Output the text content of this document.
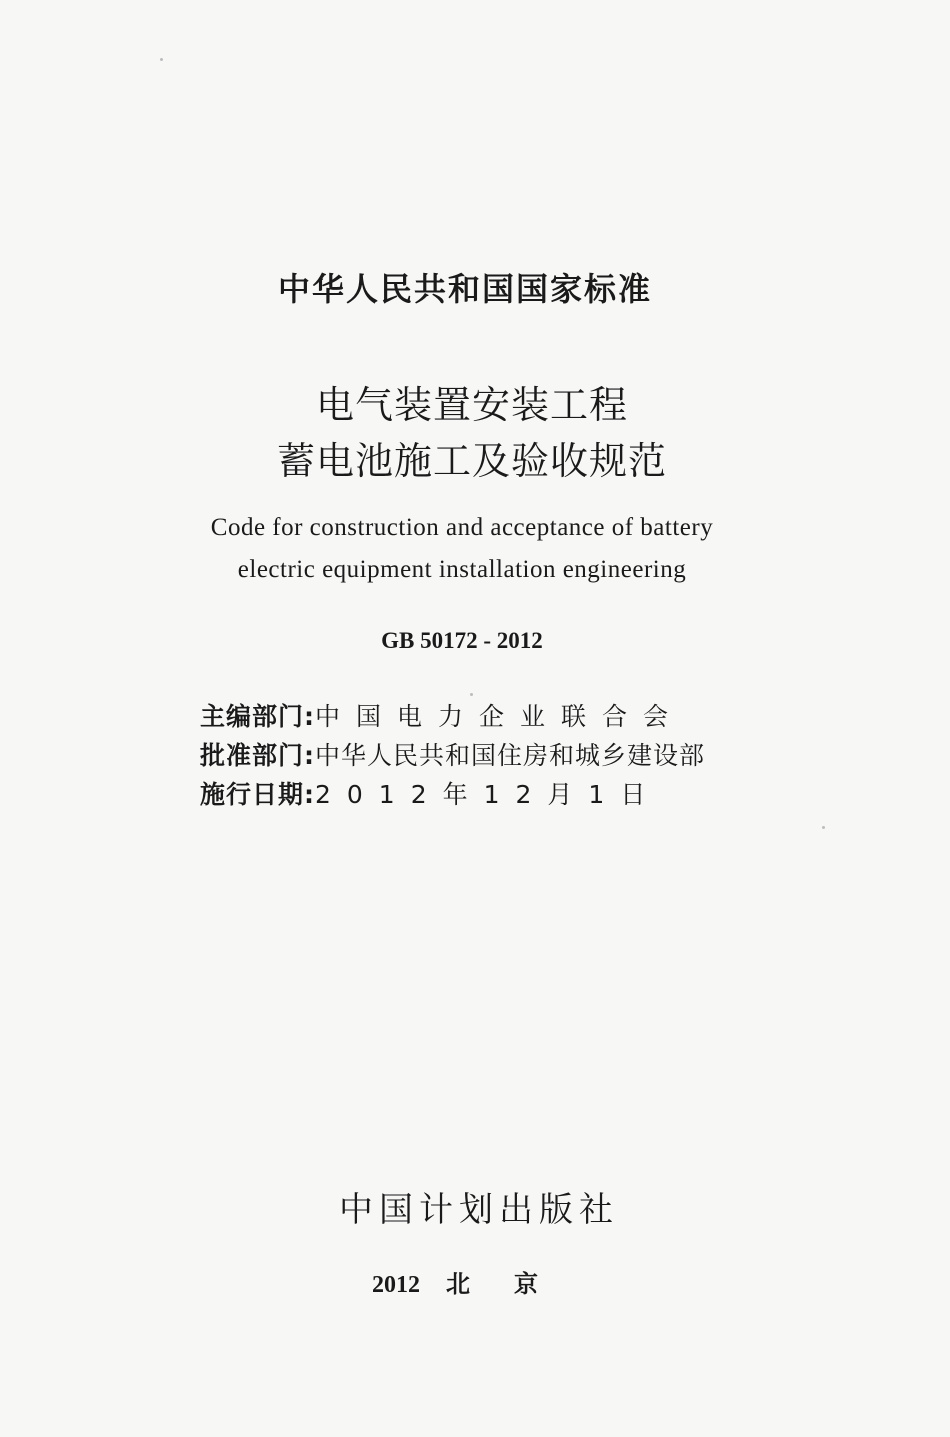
中华人民共和国国家标准
电气装置安装工程
蓄电池施工及验收规范
Code for construction and acceptance of battery
electric equipment installation engineering
GB 50172 - 2012
主编部门: 中国电力企业联合会
批准部门: 中华人民共和国住房和城乡建设部
施行日期: 2012年12月1日
中国计划出版社
2012 北京
